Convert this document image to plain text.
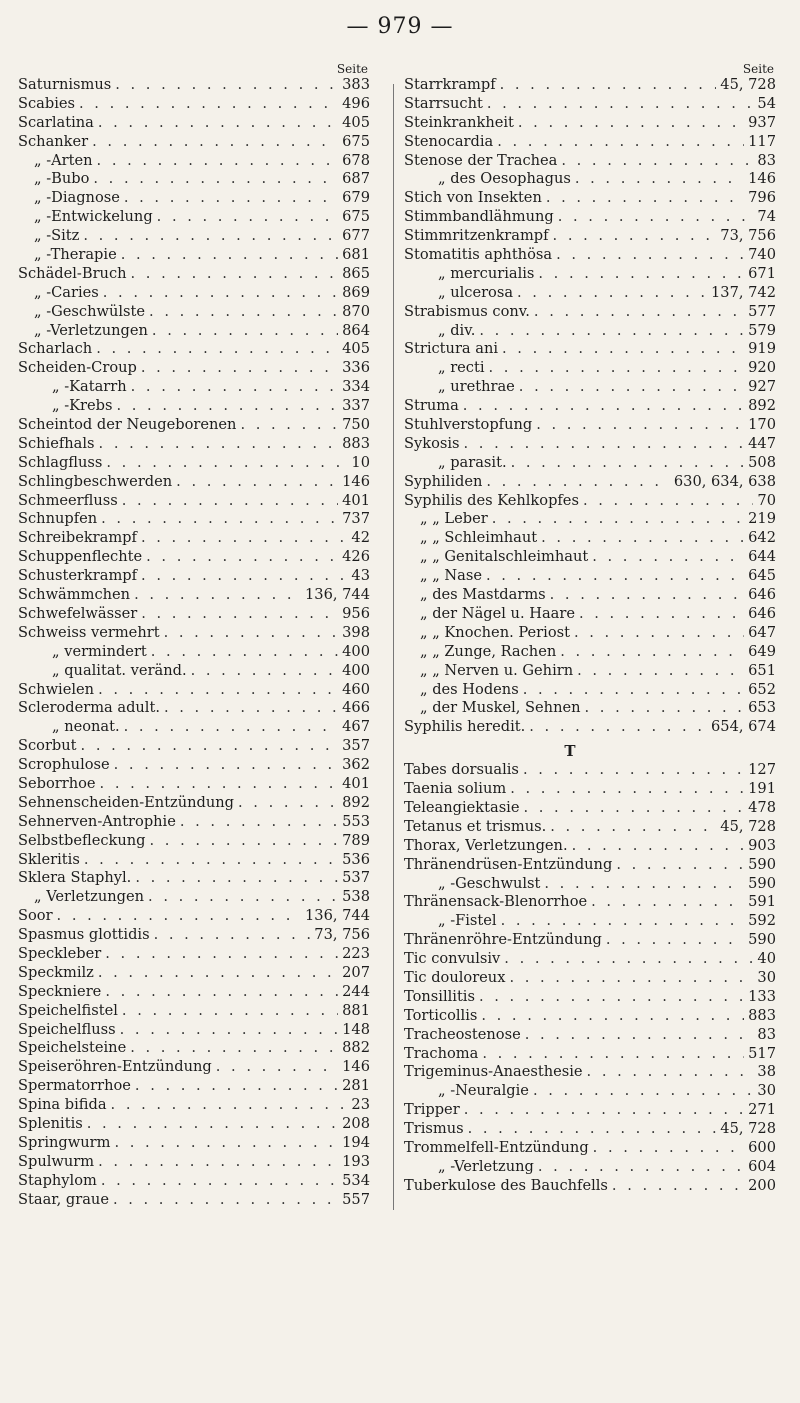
— 979 —
Seite
Saturnismus . . .	383
Scabies . . .	496
Scarlatina . . .	405
Schanker . . .	675
„ -Arten . . .	678
„ -Bubo . . .	687
„ -Diagnose . . .	679
„ -Entwickelung . . .	675
„ -Sitz . . .	677
„ -Therapie . . .	681
Schädel-Bruch . . .	865
„ -Caries . . .	869
„ -Geschwülste . . .	870
„ -Verletzungen . . .	864
Scharlach . . .	405
Scheiden-Croup . . .	336
„ -Katarrh . . .	334
„ -Krebs . . .	337
Scheintod der Neugeborenen . . .	750
Schiefhals . . .	883
Schlagfluss . . .	10
Schlingbeschwerden . . .	146
Schmeerfluss . . .	401
Schnupfen . . .	737
Schreibekrampf . . .	42
Schuppenflechte . . .	426
Schusterkrampf . . .	43
Schwämmchen . . .	136, 744
Schwefelwässer . . .	956
Schweiss vermehrt . . .	398
„ vermindert . . .	400
„ qualitat. veränd. . . .	400
Schwielen . . .	460
Scleroderma adult. . . .	466
„ neonat. . . .	467
Scorbut . . .	357
Scrophulose . . .	362
Seborrhoe . . .	401
Sehnenscheiden-Entzündung . . .	892
Sehnerven-Antrophie . . .	553
Selbstbefleckung . . .	789
Skleritis . . .	536
Sklera Staphyl. . . .	537
„ Verletzungen . . .	538
Soor . . .	136, 744
Spasmus glottidis . . .	73, 756
Speckleber . . .	223
Speckmilz . . .	207
Speckniere . . .	244
Speichelfistel . . .	881
Speichelfluss . . .	148
Speichelsteine . . .	882
Speiseröhren-Entzündung . . .	146
Spermatorrhoe . . .	281
Spina bifida . . .	23
Splenitis . . .	208
Springwurm . . .	194
Spulwurm . . .	193
Staphylom . . .	534
Staar, graue . . .	557
Seite
Starrkrampf . . .	45, 728
Starrsucht . . .	54
Steinkrankheit . . .	937
Stenocardia . . .	117
Stenose der Trachea . . .	83
„ des Oesophagus . . .	146
Stich von Insekten . . .	796
Stimmbandlähmung . . .	74
Stimmritzenkrampf . . .	73, 756
Stomatitis aphthösa . . .	740
„ mercurialis . . .	671
„ ulcerosa . . .	137, 742
Strabismus conv. . . .	577
„ div. . . .	579
Strictura ani . . .	919
„ recti . . .	920
„ urethrae . . .	927
Struma . . .	892
Stuhlverstopfung . . .	170
Sykosis . . .	447
„ parasit. . . .	508
Syphiliden . . .	630, 634, 638
Syphilis des Kehlkopfes . . .	70
„ „ Leber . . .	219
„ „ Schleimhaut . . .	642
„ „ Genitalschleimhaut . . .	644
„ „ Nase . . .	645
„ des Mastdarms . . .	646
„ der Nägel u. Haare . . .	646
„ „ Knochen. Periost . . .	647
„ „ Zunge, Rachen . . .	649
„ „ Nerven u. Gehirn . . .	651
„ des Hodens . . .	652
„ der Muskel, Sehnen . . .	653
Syphilis heredit. . . .	654, 674
T
Tabes dorsualis . . .	127
Taenia solium . . .	191
Teleangiektasie . . .	478
Tetanus et trismus. . . .	45, 728
Thorax, Verletzungen. . . .	903
Thränendrüsen-Entzündung . . .	590
„ -Geschwulst . . .	590
Thränensack-Blenorrhoe . . .	591
„ -Fistel . . .	592
Thränenröhre-Entzündung . . .	590
Tic convulsiv . . .	40
Tic douloreux . . .	30
Tonsillitis . . .	133
Torticollis . . .	883
Tracheostenose . . .	83
Trachoma . . .	517
Trigeminus-Anaesthesie . . .	38
„ -Neuralgie . . .	30
Tripper . . .	271
Trismus . . .	45, 728
Trommelfell-Entzündung . . .	600
„ -Verletzung . . .	604
Tuberkulose des Bauchfells . . .	200
